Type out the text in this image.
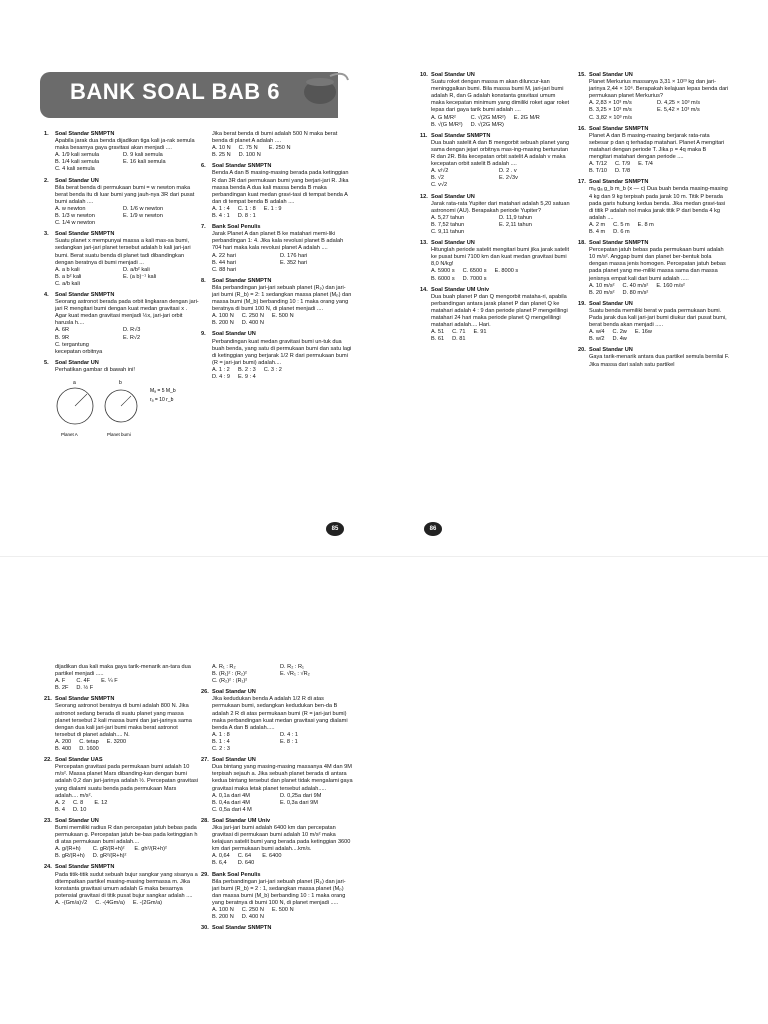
BANK SOAL BAB 6
1. Soal Standar SNMPTN
Apabila jarak dua benda dijadikan tiga kali ja-rak semula maka besarnya gaya gravitasi akan menjadi ....
A. 1/9 kali semula	D. 9 kali semula
B. 1/4 kali semula	E. 16 kali semula
C. 4 kali semula
2. Soal Standar UN
Bila berat benda di permukaan bumi = w newton maka berat benda itu di luar bumi yang jauh-nya 3R dari pusat bumi adalah ....
A. w newton	D. 1/6 w newton
B. 1/3 w newton	E. 1/9 w newton
C. 1/4 w newton
3. Soal Standar SNMPTN
Suatu planet x mempunyai massa a kali mas-sa bumi, sedangkan jari-jari planet tersebut adalah b kali jari-jari bumi. Berat suatu benda di planet tadi dibandingkan dengan beratnya di bumi menjadi ...
A. a b kali	D. a/b² kali
B. a b² kali	E. (a b)⁻¹ kali
C. a/b kali
4. Soal Standar SNMPTN
Seorang astronot berada pada orbit lingkaran dengan jari-jari R mengitari bumi dengan kuat medan gravitasi x . Agar kuat medan gravitasi menjadi ½x, jari-jari orbit harusla h....
A. 6R	D. R√3
B. 9R	E. R√2
C. tergantung kecepatan orbitnya
5. Soal Standar UN
Perhatikan gambar di bawah ini!
a	b
Mₐ = 5 M_b
rₐ = 10 r_b
Planet A	Planet bumi
Jika berat benda di bumi adalah 500 N maka berat benda di planet A adalah ....
A. 10 N C. 75 N	E. 250 N
B. 25 N D. 100 N
6. Soal Standar SNMPTN
Benda A dan B masing-masing berada pada ketinggian R dan 3R dari permukaan bumi yang berjari-jari R. Jika massa benda A dua kali massa benda B maka perbandingan kuat medan gravi-tasi di tempat benda A dan di tempat benda B adalah ....
A. 1 : 4 C. 1 : 8 E. 1 : 9
B. 4 : 1 D. 8 : 1
7. Bank Soal Penulis
Jarak Planet A dan planet B ke matahari memi-liki perbandingan 1: 4. Jika kala revolusi planet B adalah 704 hari maka kala revolusi planet A adalah ....
A. 22 hari	D. 176 hari
B. 44 hari	E. 352 hari
C. 88 hari
8. Soal Standar SNMPTN
Bila perbandingan jari-jari sebuah planet (Rₚ) dan jari-jari bumi (R_b) = 2: 1 sedangkan massa planet (Mₚ) dan massa bumi (M_b) berbanding 10 : 1 maka orang yang beratnya di bumi 100 N, di planet menjadi ....
A. 100 N C. 250 N E. 500 N
B. 200 N D. 400 N
9. Soal Standar UN
Perbandingan kuat medan gravitasi bumi un-tuk dua buah benda, yang satu di permukaan bumi dan satu lagi di ketinggian yang berjarak 1/2 R dari permukaan bumi (R = jari-jari bumi) adalah....
A. 1 : 2 B. 2 : 3 C. 3 : 2
D. 4 : 9 E. 9 : 4
10. Soal Standar UN
Suatu roket dengan massa m akan diluncur-kan meninggalkan bumi. Bila massa bumi M, jari-jari bumi adalah R, dan G adalah konstanta gravitasi umum maka kecepatan minimum yang dimiliki roket agar roket lepas dari gaya tarik bumi adalah ....
A. G M/R²	C. √(2G M/R²) E. 2G M/R
B. √(G M/R²) D. √(2G M/R)
11. Soal Standar SNMPTN
Dua buah satelit A dan B mengorbit sebuah planet yang sama dengan jejari orbitnya mas-ing-masing berturutan R dan 2R. Bila kecepatan orbit satelit A adalah v maka kecepatan orbit satelit B adalah ....
A. v/√2	D. 2 . v
B. √2	E. 2√3v
C. v√2
12. Soal Standar UN
Jarak rata-rata Yupiter dari matahari adalah 5,20 satuan astronomi (AU). Berapakah periode Yupiter?
A. 5,27 tahun	D. 11,9 tahun
B. 7,52 tahun	E. 2,11 tahun
C. 9,11 tahun
13. Soal Standar UN
Hitunglah periode satelit mengitari bumi jika jarak satelit ke pusat bumi 7100 km dan kuat medan gravitasi bumi 8,0 N/kg!
A. 5900 s C. 6500 s E. 8000 s
B. 6000 s D. 7000 s
14. Soal Standar UM Univ
Dua buah planet P dan Q mengorbit mataha-ri, apabila perbandingan antara jarak planet P dan planet Q ke matahari adalah 4 : 9 dan periode planet P mengelilingi matahari 24 hari maka periode planet Q mengelilingi matahari adalah.... Hari.
A. 51 C. 71 E. 91
B. 61 D. 81
15. Soal Standar UN
Planet Merkurius massanya 3,31 × 10²³ kg dan jari-jarinya 2,44 × 10⁶. Berapakah kelajuan lepas benda dari permukaan planet Merkurius?
A. 2,83 × 10³ m/s	D. 4,25 × 10³ m/s
B. 3,25 × 10³ m/s	E. 5,42 × 10³ m/s
C. 3,82 × 10³ m/s
16. Soal Standar SNMPTN
Planet A dan B masing-masing berjarak rata-rata sebesar p dan q terhadap matahari. Planet A mengitari matahari dengan periode T. Jika p = 4q maka B mengitari matahari dengan periode ....
A. T/12 C. T/9 E. T/4
B. T/10 D. T/8
17. Soal Standar SNMPTN
mₐ gₐ g_b m_b (x — c) Dua buah benda masing-masing 4 kg dan 9 kg terpisah pada jarak 10 m. Titik P berada pada garis hubung kedua benda. Jika medan gravi-tasi di titik P adalah nol maka jarak titik P dari benda 4 kg adalah ....
A. 2 m C. 5 m E. 8 m
B. 4 m D. 6 m
18. Soal Standar SNMPTN
Percepatan jatuh bebas pada permukaan bumi adalah 10 m/s². Anggap bumi dan planet ber-bentuk bola dengan massa jenis homogen. Percepatan jatuh bebas pada planet yang me-miliki massa sama dan massa jenisnya empat kali dari bumi adalah .....
A. 10 m/s² C. 40 m/s² E. 160 m/s²
B. 20 m/s² D. 80 m/s²
19. Soal Standar UN
Suatu benda memiliki berat w pada permukaan bumi. Pada jarak dua kali jari-jari bumi diukur dari pusat bumi, berat benda akan menjadi .....
A. w/4 C. 2w E. 16w
B. w/2 D. 4w
20. Soal Standar UN
Gaya tarik-menarik antara dua partikel semula bernilai F. Jika massa dari salah satu partikel
dijadikan dua kali maka gaya tarik-menarik an-tara dua partikel menjadi .....
A. F	C. 4F	E. ¼ F
B. 2F D. ½ F
21. Soal Standar SNMPTN
Seorang astronot beratnya di bumi adalah 800 N. Jika astronot sedang berada di suatu planet yang massa planet tersebut 2 kali massa bumi dan jari-jarinya sama dengan dua kali jari-jari bumi maka berat astronot tersebut di planet adalah.... N.
A. 200 C. tetap E. 3200
B. 400 D. 1600
22. Soal Standar UAS
Percepatan gravitasi pada permukaan bumi adalah 10 m/s². Massa planet Mars dibanding-kan dengan bumi adalah 0,2 dan jari-jarinya adalah ½. Percepatan gravitasi yang dialami suatu benda pada permukaan Mars adalah.... m/s².
A. 2 C. 8	E. 12
B. 4 D. 10
23. Soal Standar UN
Bumi memiliki radius R dan percepatan jatuh bebas pada permukaan g. Percepatan jatuh be-bas pada ketinggian h di atas permukaan bumi adalah....
A. g/(R+h)	C. gR/(R+h)²	E. gh²/(R+h)²
B. gR/(R+h) D. gR²/(R+h)²
24. Soal Standar SNMPTN
Pada titik-titik sudut sebuah bujur sangkar yang sisanya a ditempatkan partikel masing-masing bermassa m. Jika konstanta gravitasi umum adalah G maka besarnya potensial gravitasi di titik pusat bujur sangkar adalah ....
A. -(Gm/a)√2 C. -(4Gm/a) E. -(2Gm/a)
A. R₁ : R₂	D. R₂ : R₁
B. (R₁)² : (R₂)²	E. √R₁ : √R₂
C. (R₂)² : (R₁)²
26. Soal Standar UN
Jika kedudukan benda A adalah 1/2 R di atas permukaan bumi, sedangkan kedudukan ben-da B adalah 2 R di atas permukaan bumi (R = jari-jari bumi) maka perbandingan kuat medan gravitasi yang dialami benda A dan B adalah.....
A. 1 : 8	D. 4 : 1
B. 1 : 4	E. 8 : 1
C. 2 : 3
27. Soal Standar UN
Dua bintang yang masing-masing massanya 4M dan 9M terpisah sejauh a. Jika sebuah planet berada di antara kedua bintang tersebut dan planet tidak mengalami gaya gravitasi maka letak planet tersebut adalah.....
A. 0,1a dari 4M	D. 0,25a dari 9M
B. 0,4a dari 4M	E. 0,3a dari 9M
C. 0,5a dari 4 M
28. Soal Standar UM Univ
Jika jari-jari bumi adalah 6400 km dan percepatan gravitasi di permukaan bumi adalah 10 m/s² maka kelajuan satelit bumi yang berada pada ketinggian 3600 km dari permukaan bumi adalah....km/s.
A. 0,64 C. 64	E. 6400
B. 6,4	D. 640
29. Bank Soal Penulis
Bila perbandingan jari-jari sebuah planet (Rₚ) dan jari-jari bumi (R_b) = 2 : 1, sedangkan massa planet (Mₚ) dan massa bumi (M_b) berbanding 10 : 1 maka orang yang beratnya di bumi 100 N, di planet menjadi .....
A. 100 N C. 250 N E. 500 N
B. 200 N D. 400 N
30. Soal Standar SNMPTN
85	86
